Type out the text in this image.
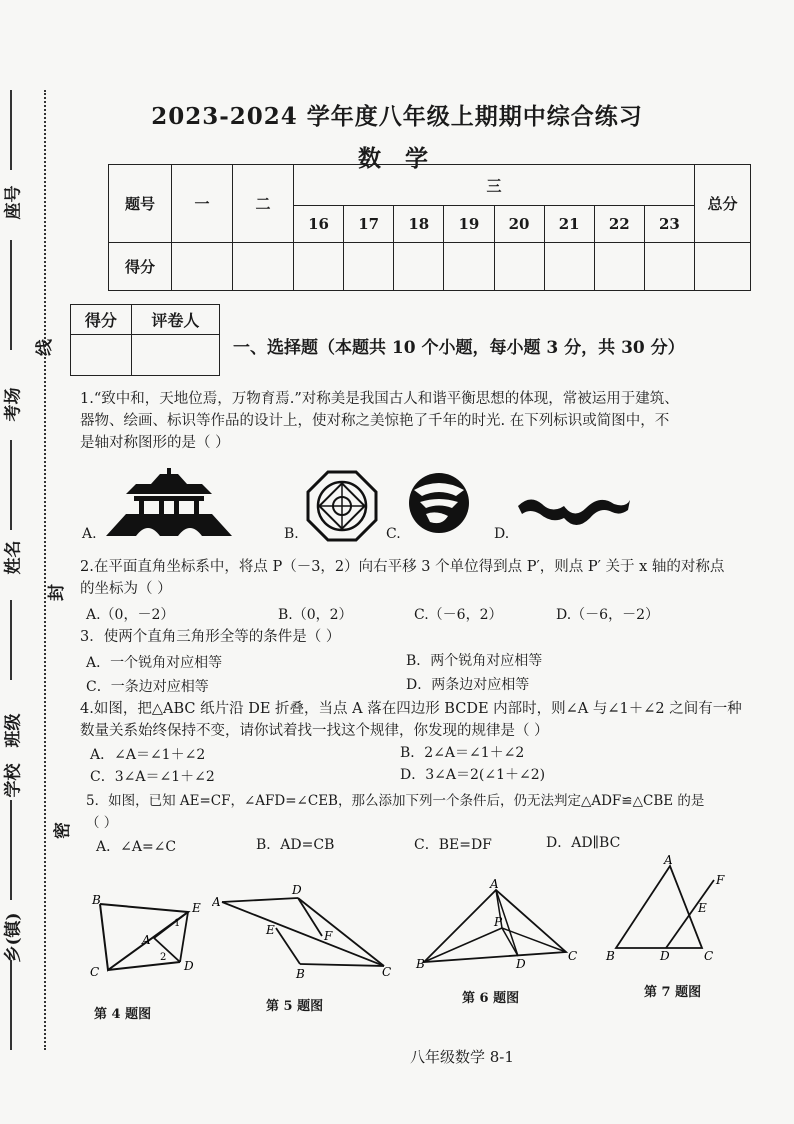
2023-2024 学年度八年级上期期中综合练习
数 学
题号	一	二	三								总分
			16	17	18	19	20	21	22	23	
得分											
得分	评卷人

一、选择题（本题共 10 个小题，每小题 3 分，共 30 分）
座号
考场
姓名
班级
学校
乡(镇)
线
封
密
1.“致中和，天地位焉，万物育焉.”对称美是我国古人和谐平衡思想的体现，常被运用于建筑、
器物、绘画、标识等作品的设计上，使对称之美惊艳了千年的时光. 在下列标识或简图中，不
是轴对称图形的是（ ）
A.	B.	C.	D.
2.在平面直角坐标系中，将点 P（－3，2）向右平移 3 个单位得到点 P′，则点 P′ 关于 x 轴的对称点
的坐标为（ ）
A.（0，－2）	B.（0，2）	C.（－6，2）	D.（－6，－2）
3．使两个直角三角形全等的条件是（ ）
A．一个锐角对应相等	B．两个锐角对应相等
C．一条边对应相等	D．两条边对应相等
4.如图，把△ABC 纸片沿 DE 折叠，当点 A 落在四边形 BCDE 内部时，则∠A 与∠1＋∠2 之间有一种
数量关系始终保持不变，请你试着找一找这个规律，你发现的规律是（ ）
A．∠A＝∠1＋∠2	B．2∠A＝∠1＋∠2
C．3∠A＝∠1＋∠2	D．3∠A＝2(∠1＋∠2)
5．如图，已知 AE=CF，∠AFD=∠CEB，那么添加下列一个条件后，仍无法判定△ADF≌△CBE 的是
（ ）
A．∠A=∠C	B．AD=CB	C．BE=DF	D．AD∥BC
B
E
A
C	D
1
2
D
A
E	F
B	C
A
P
B	D
C
A
F
E
B	D	C
第 4 题图
第 5 题图
第 6 题图	第 7 题图
八年级数学 8-1
